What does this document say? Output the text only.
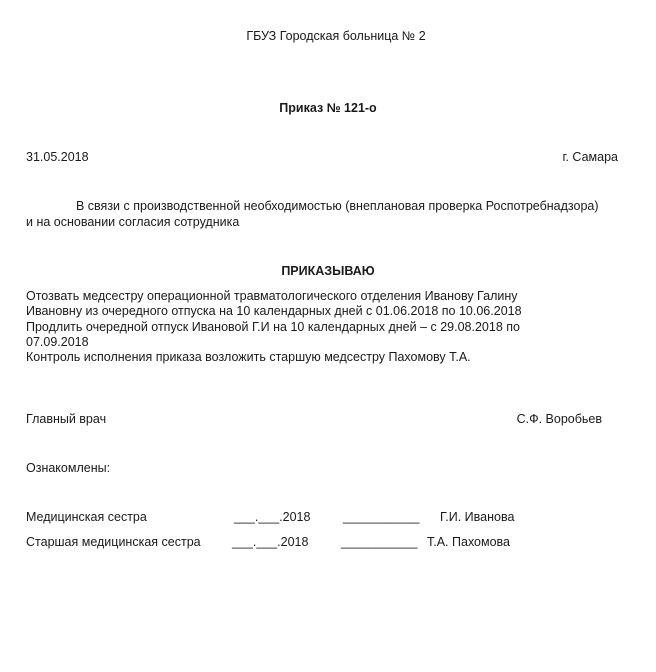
ГБУЗ Городская больница № 2
Приказ № 121-о
31.05.2018	г. Самара
В связи с производственной необходимостью (внеплановая проверка Роспотребнадзора)
и на основании согласия сотрудника
ПРИКАЗЫВАЮ
Отозвать медсестру операционной травматологического отделения Иванову Галину
Ивановну из очередного отпуска на 10 календарных дней с 01.06.2018 по 10.06.2018
Продлить очередной отпуск Ивановой Г.И на 10 календарных дней – с 29.08.2018 по
07.09.2018
Контроль исполнения приказа возложить старшую медсестру Пахомову Т.А.
Главный врач	С.Ф. Воробьев
Ознакомлены:
Медицинская сестра	___.___.2018	___________ Г.И. Иванова
Старшая медицинская сестра	___.___.2018	___________ Т.А. Пахомова
